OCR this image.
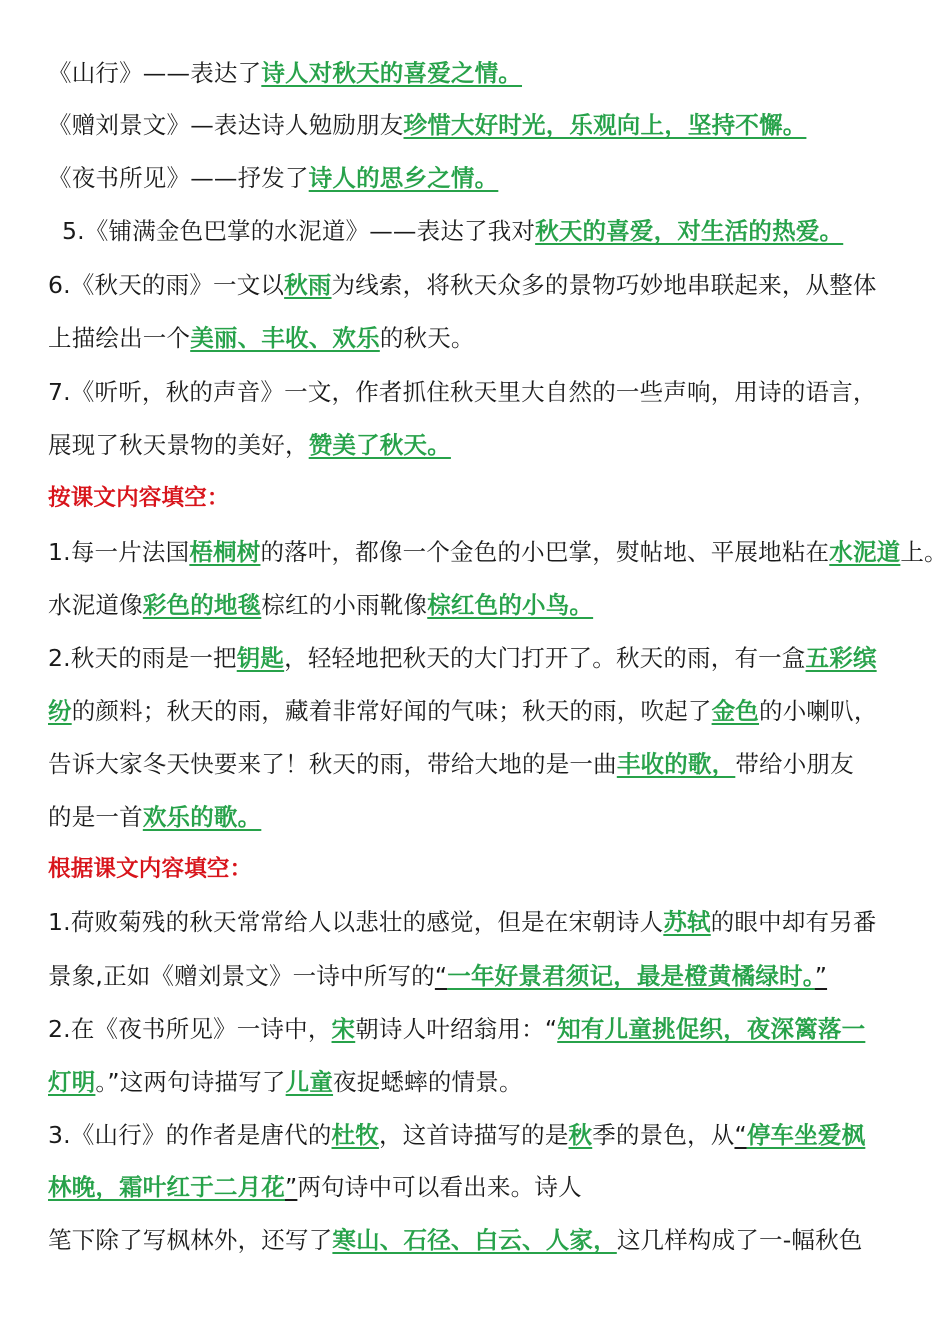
《山行》——表达了诗人对秋天的喜爱之情。
《赠刘景文》—表达诗人勉励朋友珍惜大好时光，乐观向上，坚持不懈。
《夜书所见》——抒发了诗人的思乡之情。
5.《铺满金色巴掌的水泥道》——表达了我对秋天的喜爱，对生活的热爱。
6.《秋天的雨》一文以秋雨为线索，将秋天众多的景物巧妙地串联起来，从整体
上描绘出一个美丽、丰收、欢乐的秋天。
7.《听听，秋的声音》一文，作者抓住秋天里大自然的一些声响，用诗的语言，
展现了秋天景物的美好，赞美了秋天。
按课文内容填空：
1.每一片法国梧桐树的落叶，都像一个金色的小巴掌，熨帖地、平展地粘在水泥道上。
水泥道像彩色的地毯棕红的小雨靴像棕红色的小鸟。
2.秋天的雨是一把钥匙，轻轻地把秋天的大门打开了。秋天的雨，有一盒五彩缤
纷的颜料；秋天的雨，藏着非常好闻的气味；秋天的雨，吹起了金色的小喇叭，
告诉大家冬天快要来了！秋天的雨，带给大地的是一曲丰收的歌，带给小朋友
的是一首欢乐的歌。
根据课文内容填空：
1.荷败菊残的秋天常常给人以悲壮的感觉，但是在宋朝诗人苏轼的眼中却有另番
景象,正如《赠刘景文》一诗中所写的“一年好景君须记，最是橙黄橘绿时。”
2.在《夜书所见》一诗中，宋朝诗人叶绍翁用：“知有儿童挑促织，夜深篱落一
灯明。”这两句诗描写了儿童夜捉蟋蟀的情景。
3.《山行》的作者是唐代的杜牧，这首诗描写的是秋季的景色，从“停车坐爱枫
林晚，霜叶红于二月花”两句诗中可以看出来。诗人
笔下除了写枫林外，还写了寒山、石径、白云、人家，这几样构成了一-幅秋色
